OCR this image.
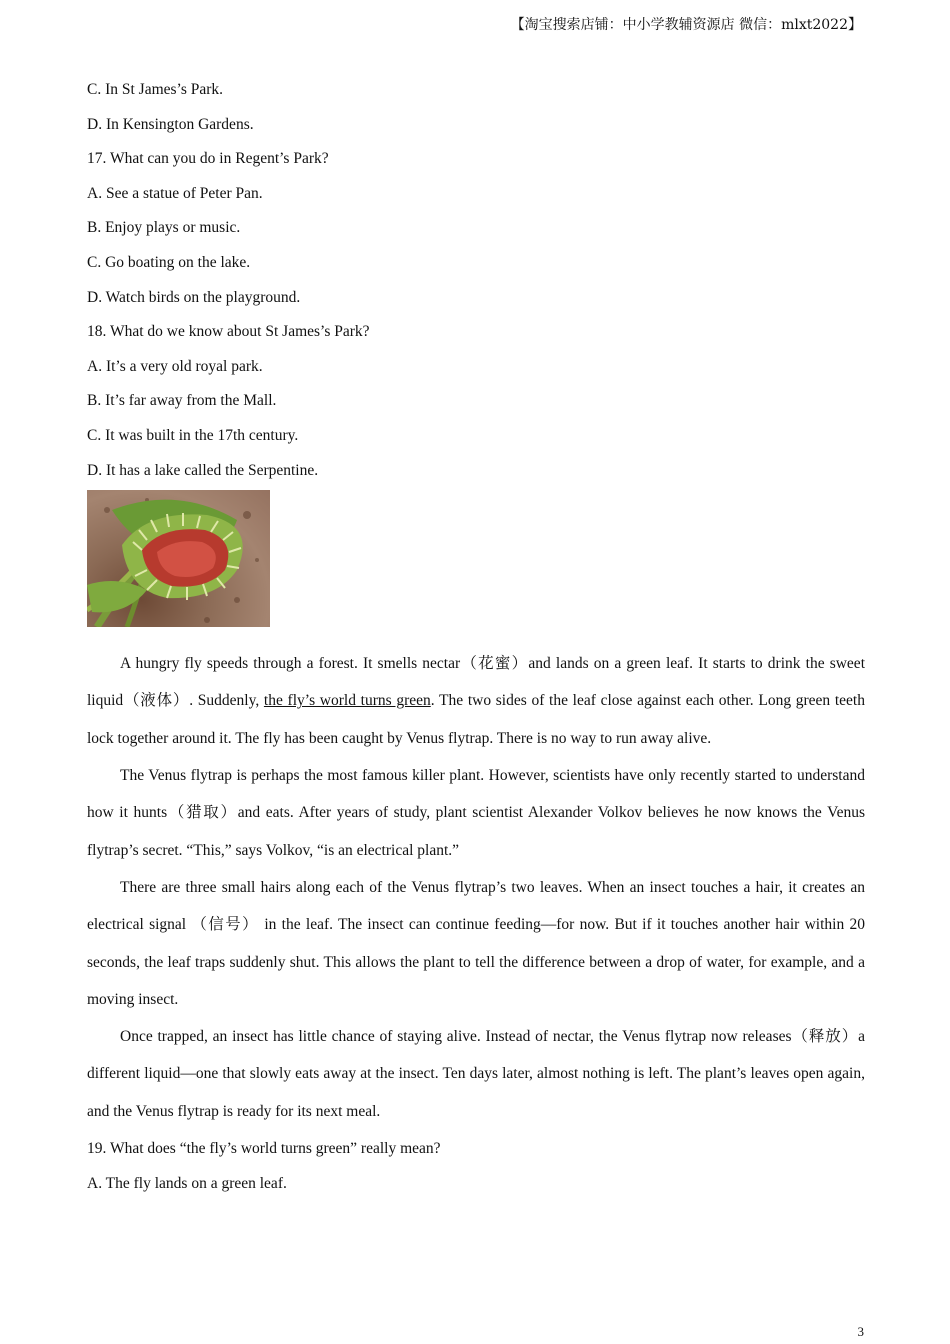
【淘宝搜索店铺：中小学教辅资源店 微信：mlxt2022】
C. In St James’s Park.
D. In Kensington Gardens.
17. What can you do in Regent’s Park?
A. See a statue of Peter Pan.
B. Enjoy plays or music.
C. Go boating on the lake.
D. Watch birds on the playground.
18. What do we know about St James’s Park?
A. It’s a very old royal park.
B. It’s far away from the Mall.
C. It was built in the 17th century.
D. It has a lake called the Serpentine.

A hungry fly speeds through a forest. It smells nectar（花蜜）and lands on a green leaf. It starts to drink the sweet liquid（液体）. Suddenly, the fly’s world turns green. The two sides of the leaf close against each other. Long green teeth lock together around it. The fly has been caught by Venus flytrap. There is no way to run away alive.

The Venus flytrap is perhaps the most famous killer plant. However, scientists have only recently started to understand how it hunts（猎取）and eats. After years of study, plant scientist Alexander Volkov believes he now knows the Venus flytrap’s secret. “This,” says Volkov, “is an electrical plant.”

There are three small hairs along each of the Venus flytrap’s two leaves. When an insect touches a hair, it creates an electrical signal （信号） in the leaf. The insect can continue feeding—for now. But if it touches another hair within 20 seconds, the leaf traps suddenly shut. This allows the plant to tell the difference between a drop of water, for example, and a moving insect.

Once trapped, an insect has little chance of staying alive. Instead of nectar, the Venus flytrap now releases（释放）a different liquid—one that slowly eats away at the insect. Ten days later, almost nothing is left. The plant’s leaves open again, and the Venus flytrap is ready for its next meal.

19. What does “the fly’s world turns green” really mean?
A. The fly lands on a green leaf.
3
